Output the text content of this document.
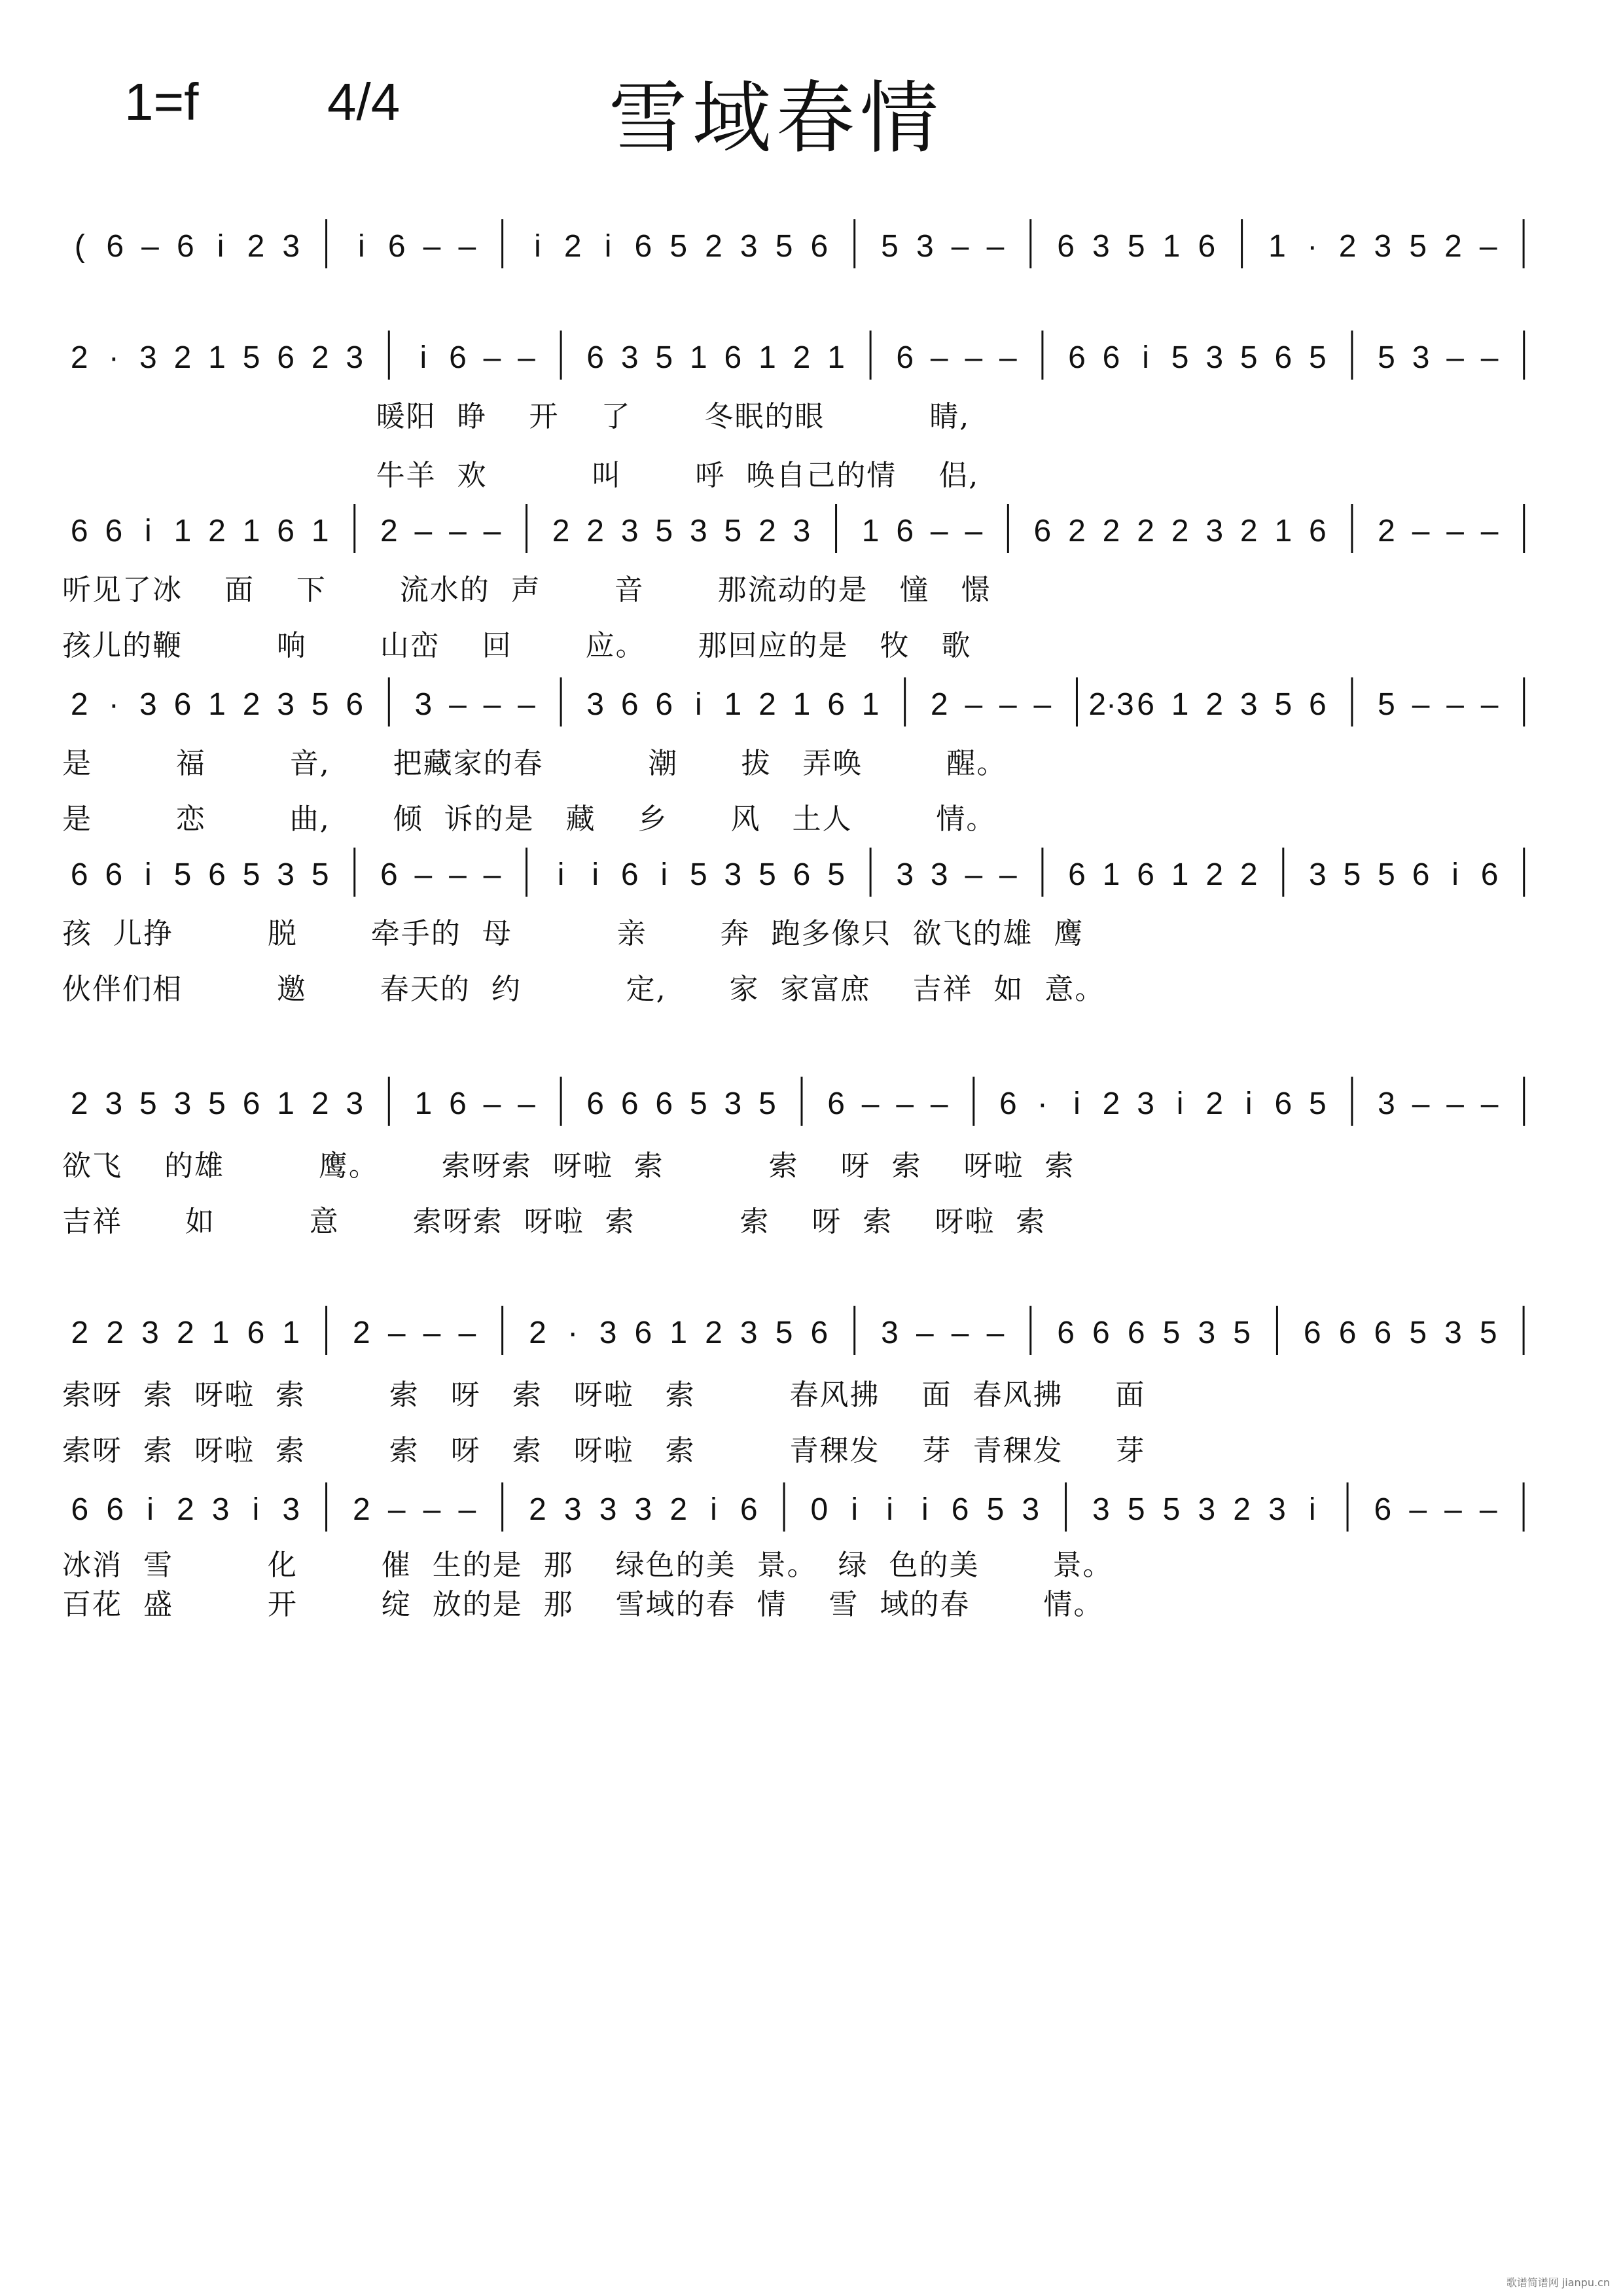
1=f 4/4	雪域春情
( 6 – 6 i 2 3 i 6 – – i 2 i 6 5 2 3 5 6 5 3 – – 6 3 5 1 6 1 · 2 3 5 2 –
2 · 3 2 1 5 6 2 3 i 6 – – 6 3 5 1 6 1 2 1 6 – – – 6 6 i 5 3 5 6 5 5 3 – –
暖阳  睁    开    了       冬眠的眼          睛,
牛羊  欢          叫       呼  唤自己的情    侣,
6 6 i 1 2 1 6 1 2 – – – 2 2 3 5 3 5 2 3 1 6 – – 6 2 2 2 2 3 2 1 6 2 – – –
听见了冰    面    下       流水的  声       音       那流动的是   憧   憬
孩儿的鞭         响       山峦    回       应。     那回应的是   牧   歌
2 · 3 6 1 2 3 5 6 3 – – – 3 6 6 i 1 2 1 6 1 2 – – – 2·3 6 1 2 3 5 6 5 – – –
是        福        音,      把藏家的春          潮      拔   弄唤        醒。
是        恋        曲,      倾  诉的是   藏    乡      风   土人        情。
6 6 i 5 6 5 3 5 6 – – – i i 6 i 5 3 5 6 5 3 3 – – 6 1 6 1 2 2 3 5 5 6 i 6
孩  儿挣         脱       牵手的  母          亲       奔  跑多像只  欲飞的雄  鹰
伙伴们相         邀       春天的  约          定,      家  家富庶    吉祥  如  意。
2 3 5 3 5 6 1 2 3 1 6 – – 6 6 6 5 3 5 6 – – – 6 · i 2 3 i 2 i 6 5 3 – – –
欲飞    的雄         鹰。      索呀索  呀啦  索          索    呀  索    呀啦  索
吉祥      如         意       索呀索  呀啦  索          索    呀  索    呀啦  索
2 2 3 2 1 6 1 2 – – – 2 · 3 6 1 2 3 5 6 3 – – – 6 6 6 5 3 5 6 6 6 5 3 5
索呀  索  呀啦  索        索   呀   索   呀啦   索         春风拂    面  春风拂     面
索呀  索  呀啦  索        索   呀   索   呀啦   索         青稞发    芽  青稞发     芽
6 6 i 2 3 i 3 2 – – – 2 3 3 3 2 i 6 0 i i i 6 5 3 3 5 5 3 2 3 i 6 – – –
冰消  雪         化        催  生的是  那    绿色的美  景。  绿  色的美       景。
百花  盛         开        绽  放的是  那    雪域的春  情    雪  域的春       情。
歌谱简谱网 jianpu.cn
